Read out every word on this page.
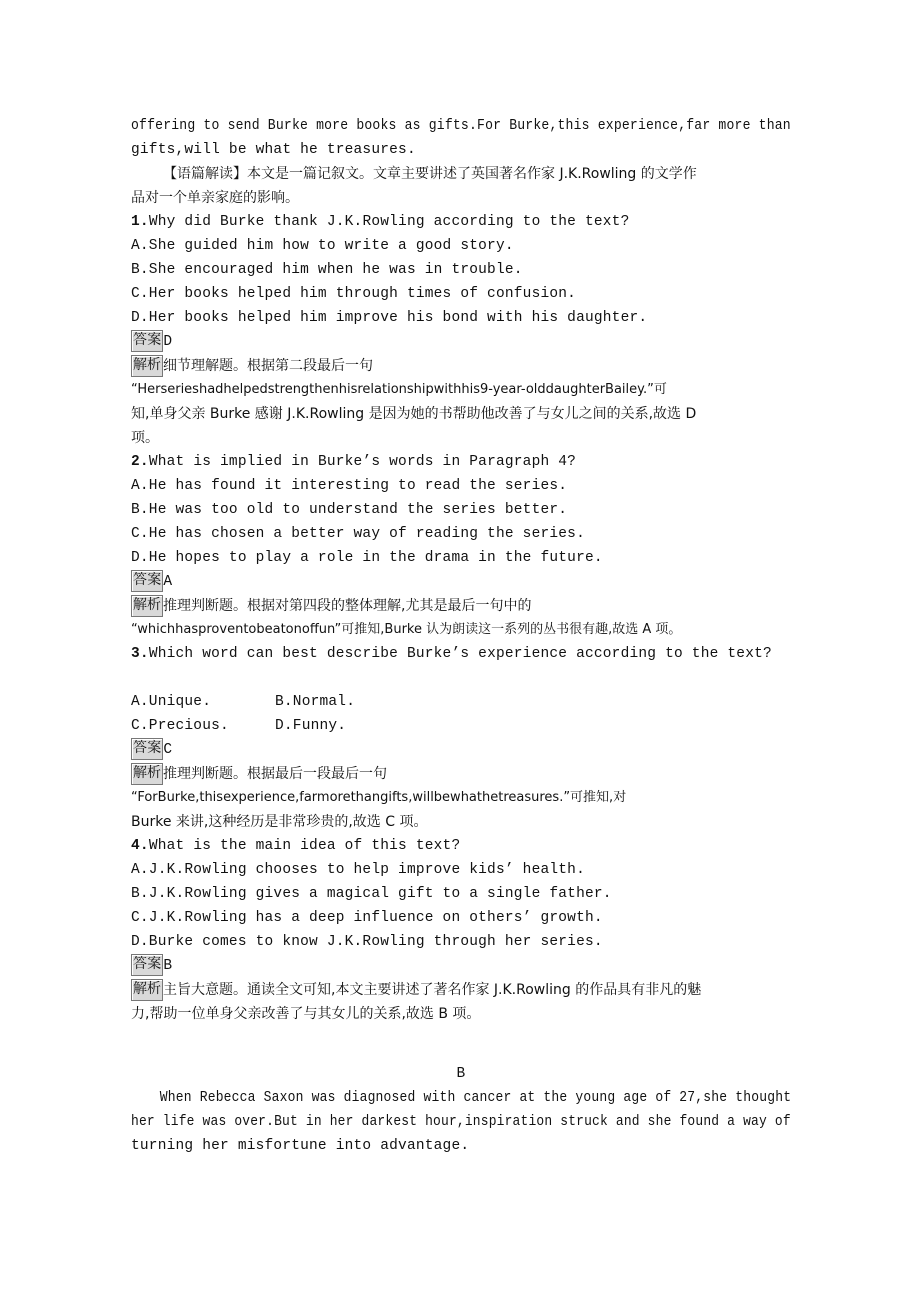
offering to send Burke more books as gifts.For Burke,this experience,far more than
gifts,will be what he treasures.
【语篇解读】本文是一篇记叙文。文章主要讲述了英国著名作家 J.K.Rowling 的文学作
品对一个单亲家庭的影响。
1.Why did Burke thank J.K.Rowling according to the text?
A.She guided him how to write a good story.
B.She encouraged him when he was in trouble.
C.Her books helped him through times of confusion.
D.Her books helped him improve his bond with his daughter.
答案 D
解析 细节理解题。根据第二段最后一句
“Herserieshadhelpedstrengthenhisrelationshipwithhis9-year-olddaughterBailey.”可
知,单身父亲 Burke 感谢 J.K.Rowling 是因为她的书帮助他改善了与女儿之间的关系,故选 D
项。
2.What is implied in Burke’s words in Paragraph 4?
A.He has found it interesting to read the series.
B.He was too old to understand the series better.
C.He has chosen a better way of reading the series.
D.He hopes to play a role in the drama in the future.
答案 A
解析 推理判断题。根据对第四段的整体理解,尤其是最后一句中的
“whichhasproventobeatonoffun”可推知,Burke 认为朗读这一系列的丛书很有趣,故选 A 项。
3.Which word can best describe Burke’s experience according to the text?
A.Unique.	B.Normal.
C.Precious.	D.Funny.
答案 C
解析 推理判断题。根据最后一段最后一句
“ForBurke,thisexperience,farmorethangifts,willbewhathetreasures.”可推知,对
Burke 来讲,这种经历是非常珍贵的,故选 C 项。
4.What is the main idea of this text?
A.J.K.Rowling chooses to help improve kids’ health.
B.J.K.Rowling gives a magical gift to a single father.
C.J.K.Rowling has a deep influence on others’ growth.
D.Burke comes to know J.K.Rowling through her series.
答案 B
解析 主旨大意题。通读全文可知,本文主要讲述了著名作家 J.K.Rowling 的作品具有非凡的魅
力,帮助一位单身父亲改善了与其女儿的关系,故选 B 项。
B
When Rebecca Saxon was diagnosed with cancer at the young age of 27,she thought
her life was over.But in her darkest hour,inspiration struck and she found a way of
turning her misfortune into advantage.
